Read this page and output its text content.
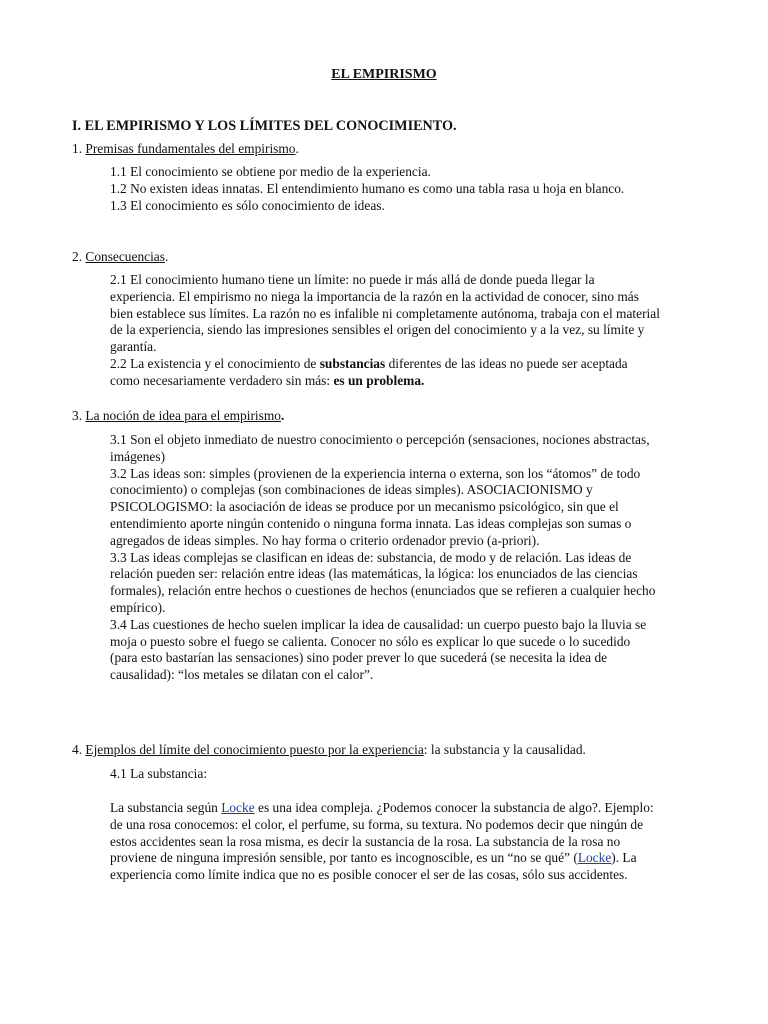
EL EMPIRISMO
I. EL EMPIRISMO Y LOS LÍMITES DEL CONOCIMIENTO.
1. Premisas fundamentales del empirismo.

1.1 El conocimiento se obtiene por medio de la experiencia.

1.2 No existen ideas innatas. El entendimiento humano es como una tabla rasa u hoja en blanco.

1.3 El conocimiento es sólo conocimiento de ideas.

2. Consecuencias.

2.1 El conocimiento humano tiene un límite: no puede ir más allá de donde pueda llegar la experiencia. El empirismo no niega la importancia de la razón en la actividad de conocer, sino más bien establece sus límites. La razón no es infalible ni completamente autónoma, trabaja con el material de la experiencia, siendo las impresiones sensibles el origen del conocimiento y a la vez, su límite y garantía.

2.2 La existencia y el conocimiento de substancias diferentes de las ideas no puede ser aceptada como necesariamente verdadero sin más: es un problema.

3. La noción de idea para el empirismo.

3.1 Son el objeto inmediato de nuestro conocimiento o percepción (sensaciones, nociones abstractas, imágenes)

3.2 Las ideas son: simples (provienen de la experiencia interna o externa, son los “átomos” de todo conocimiento) o complejas (son combinaciones de ideas simples). ASOCIACIONISMO y PSICOLOGISMO: la asociación de ideas se produce por un mecanismo psicológico, sin que el entendimiento aporte ningún contenido o ninguna forma innata. Las ideas complejas son sumas o agregados de ideas simples. No hay forma o criterio ordenador previo (a-priori).

3.3 Las ideas complejas se clasifican en ideas de: substancia, de modo y de relación. Las ideas de relación pueden ser: relación entre ideas (las matemáticas, la lógica: los enunciados de las ciencias formales), relación entre hechos o cuestiones de hechos (enunciados que se refieren a cualquier hecho empírico).

3.4 Las cuestiones de hecho suelen implicar la idea de causalidad: un cuerpo puesto bajo la lluvia se moja o puesto sobre el fuego se calienta. Conocer no sólo es explicar lo que sucede o lo sucedido (para esto bastarían las sensaciones) sino poder prever lo que sucederá (se necesita la idea de causalidad): “los metales se dilatan con el calor”.

4. Ejemplos del límite del conocimiento puesto por la experiencia: la substancia y la causalidad.
4.1 La substancia:

La substancia según Locke es una idea compleja. ¿Podemos conocer la substancia de algo?. Ejemplo: de una rosa conocemos: el color, el perfume, su forma, su textura. No podemos decir que ningún de estos accidentes sean la rosa misma, es decir la sustancia de la rosa. La substancia de la rosa no proviene de ninguna impresión sensible, por tanto es incognoscible, es un “no se qué” (Locke). La experiencia como límite indica que no es posible conocer el ser de las cosas, sólo sus accidentes.
